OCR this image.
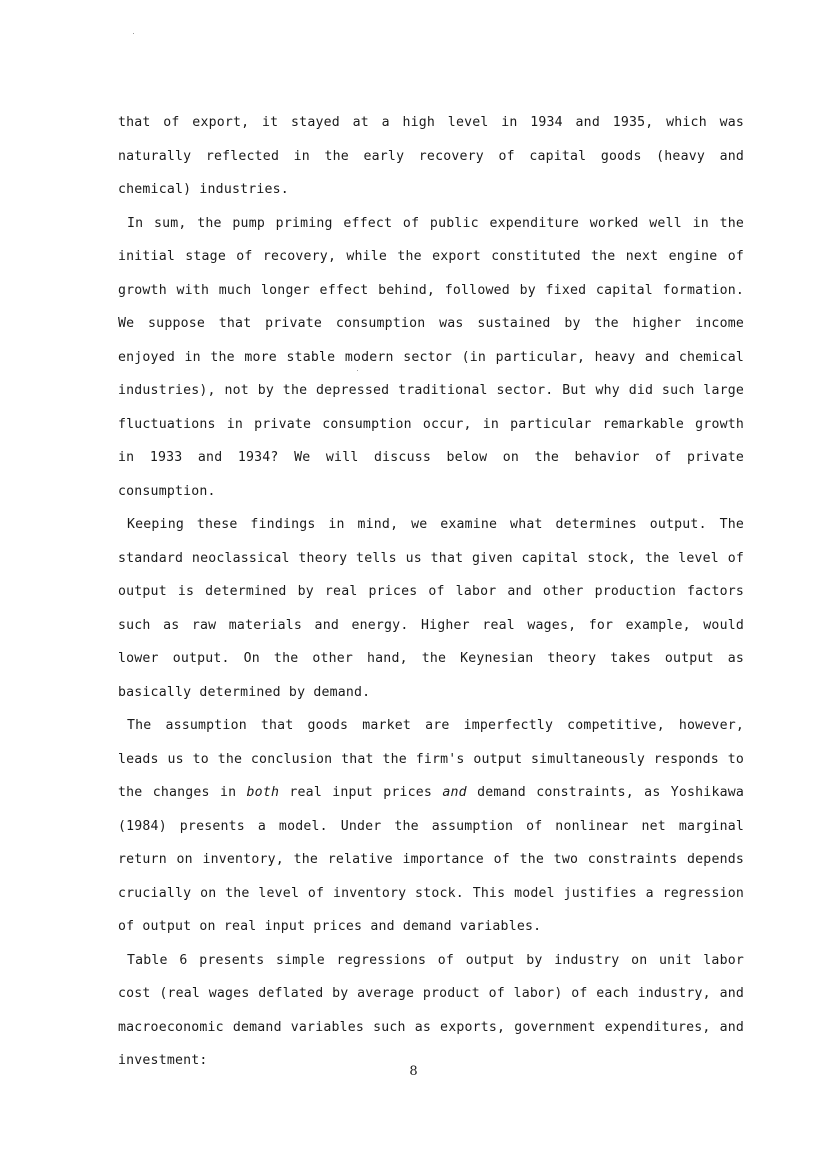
that of export, it stayed at a high level in 1934 and 1935, which was naturally reflected in the early recovery of capital goods (heavy and chemical) industries.

In sum, the pump priming effect of public expenditure worked well in the initial stage of recovery, while the export constituted the next engine of growth with much longer effect behind, followed by fixed capital formation. We suppose that private consumption was sustained by the higher income enjoyed in the more stable modern sector (in particular, heavy and chemical industries), not by the depressed traditional sector. But why did such large fluctuations in private consumption occur, in particular remarkable growth in 1933 and 1934? We will discuss below on the behavior of private consumption.

Keeping these findings in mind, we examine what determines output. The standard neoclassical theory tells us that given capital stock, the level of output is determined by real prices of labor and other production factors such as raw materials and energy. Higher real wages, for example, would lower output. On the other hand, the Keynesian theory takes output as basically determined by demand.

The assumption that goods market are imperfectly competitive, however, leads us to the conclusion that the firm's output simultaneously responds to the changes in both real input prices and demand constraints, as Yoshikawa (1984) presents a model. Under the assumption of nonlinear net marginal return on inventory, the relative importance of the two constraints depends crucially on the level of inventory stock. This model justifies a regression of output on real input prices and demand variables.

Table 6 presents simple regressions of output by industry on unit labor cost (real wages deflated by average product of labor) of each industry, and macroeconomic demand variables such as exports, government expenditures, and investment:

8
